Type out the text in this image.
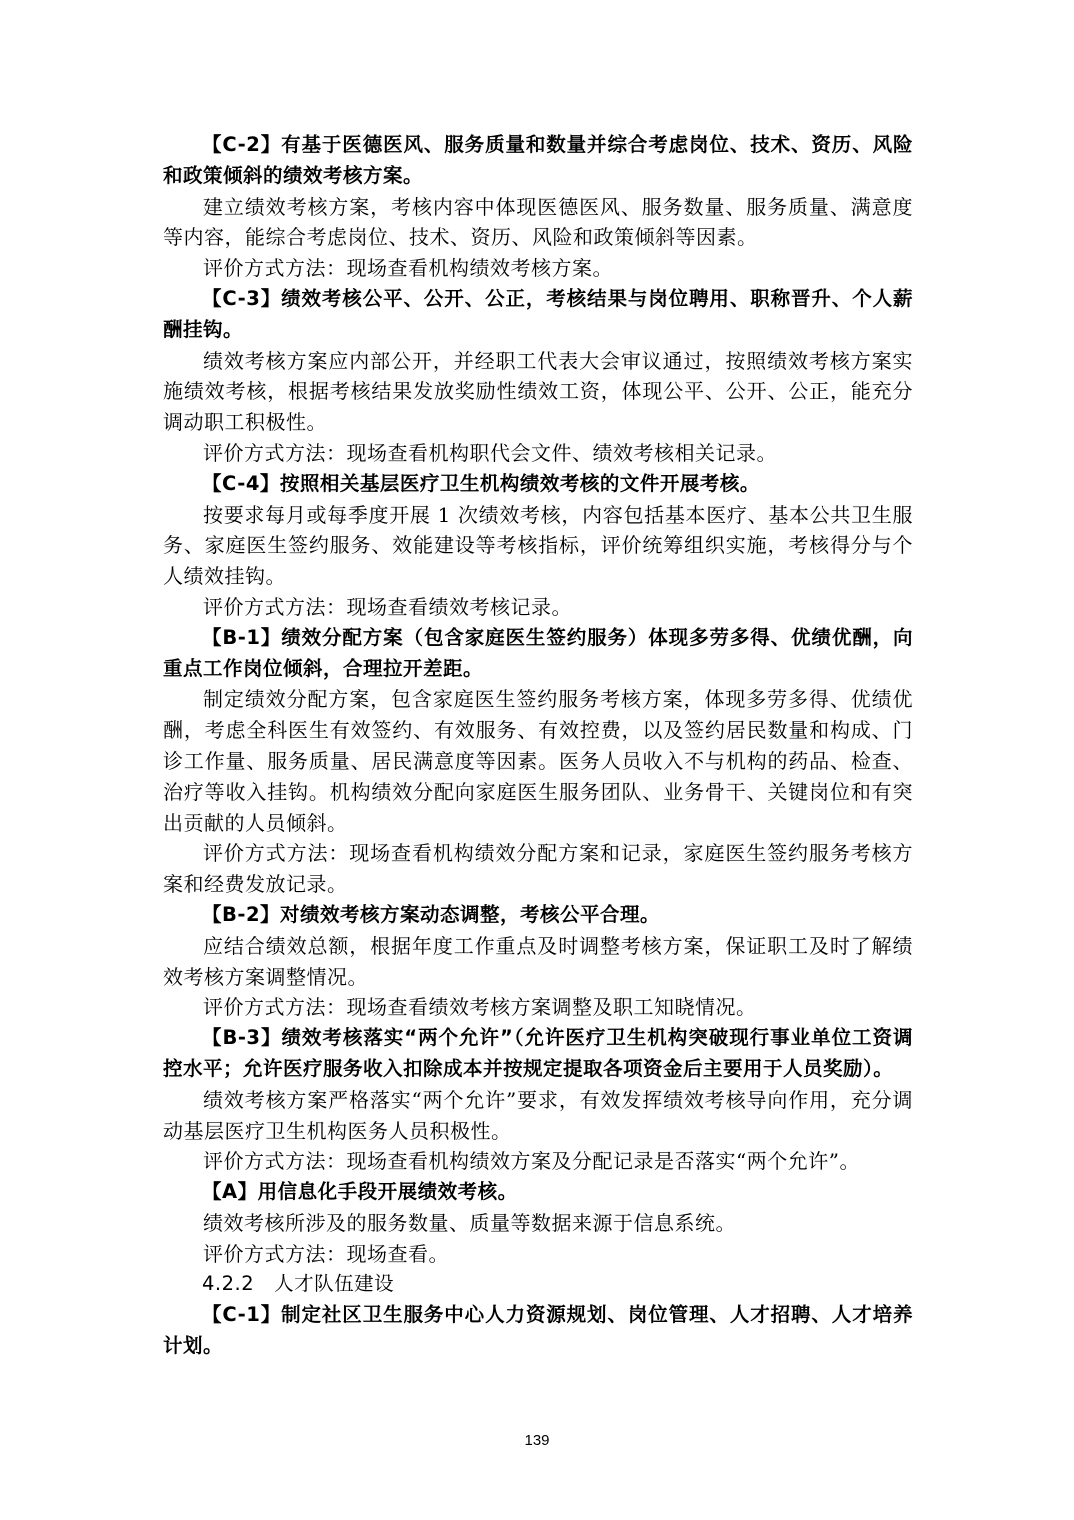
【C-2】有基于医德医风、服务质量和数量并综合考虑岗位、技术、资历、风险和政策倾斜的绩效考核方案。

建立绩效考核方案，考核内容中体现医德医风、服务数量、服务质量、满意度等内容，能综合考虑岗位、技术、资历、风险和政策倾斜等因素。

评价方式方法：现场查看机构绩效考核方案。

【C-3】绩效考核公平、公开、公正，考核结果与岗位聘用、职称晋升、个人薪酬挂钩。

绩效考核方案应内部公开，并经职工代表大会审议通过，按照绩效考核方案实施绩效考核，根据考核结果发放奖励性绩效工资，体现公平、公开、公正，能充分调动职工积极性。

评价方式方法：现场查看机构职代会文件、绩效考核相关记录。

【C-4】按照相关基层医疗卫生机构绩效考核的文件开展考核。

按要求每月或每季度开展 1 次绩效考核，内容包括基本医疗、基本公共卫生服务、家庭医生签约服务、效能建设等考核指标，评价统筹组织实施，考核得分与个人绩效挂钩。

评价方式方法：现场查看绩效考核记录。

【B-1】绩效分配方案（包含家庭医生签约服务）体现多劳多得、优绩优酬，向重点工作岗位倾斜，合理拉开差距。

制定绩效分配方案，包含家庭医生签约服务考核方案，体现多劳多得、优绩优酬，考虑全科医生有效签约、有效服务、有效控费，以及签约居民数量和构成、门诊工作量、服务质量、居民满意度等因素。医务人员收入不与机构的药品、检查、治疗等收入挂钩。机构绩效分配向家庭医生服务团队、业务骨干、关键岗位和有突出贡献的人员倾斜。

评价方式方法：现场查看机构绩效分配方案和记录，家庭医生签约服务考核方案和经费发放记录。

【B-2】对绩效考核方案动态调整，考核公平合理。

应结合绩效总额，根据年度工作重点及时调整考核方案，保证职工及时了解绩效考核方案调整情况。

评价方式方法：现场查看绩效考核方案调整及职工知晓情况。

【B-3】绩效考核落实“两个允许”（允许医疗卫生机构突破现行事业单位工资调控水平；允许医疗服务收入扣除成本并按规定提取各项资金后主要用于人员奖励）。

绩效考核方案严格落实“两个允许”要求，有效发挥绩效考核导向作用，充分调动基层医疗卫生机构医务人员积极性。

评价方式方法：现场查看机构绩效方案及分配记录是否落实“两个允许”。

【A】用信息化手段开展绩效考核。

绩效考核所涉及的服务数量、质量等数据来源于信息系统。

评价方式方法：现场查看。

4.2.2　人才队伍建设

【C-1】制定社区卫生服务中心人力资源规划、岗位管理、人才招聘、人才培养计划。

139
